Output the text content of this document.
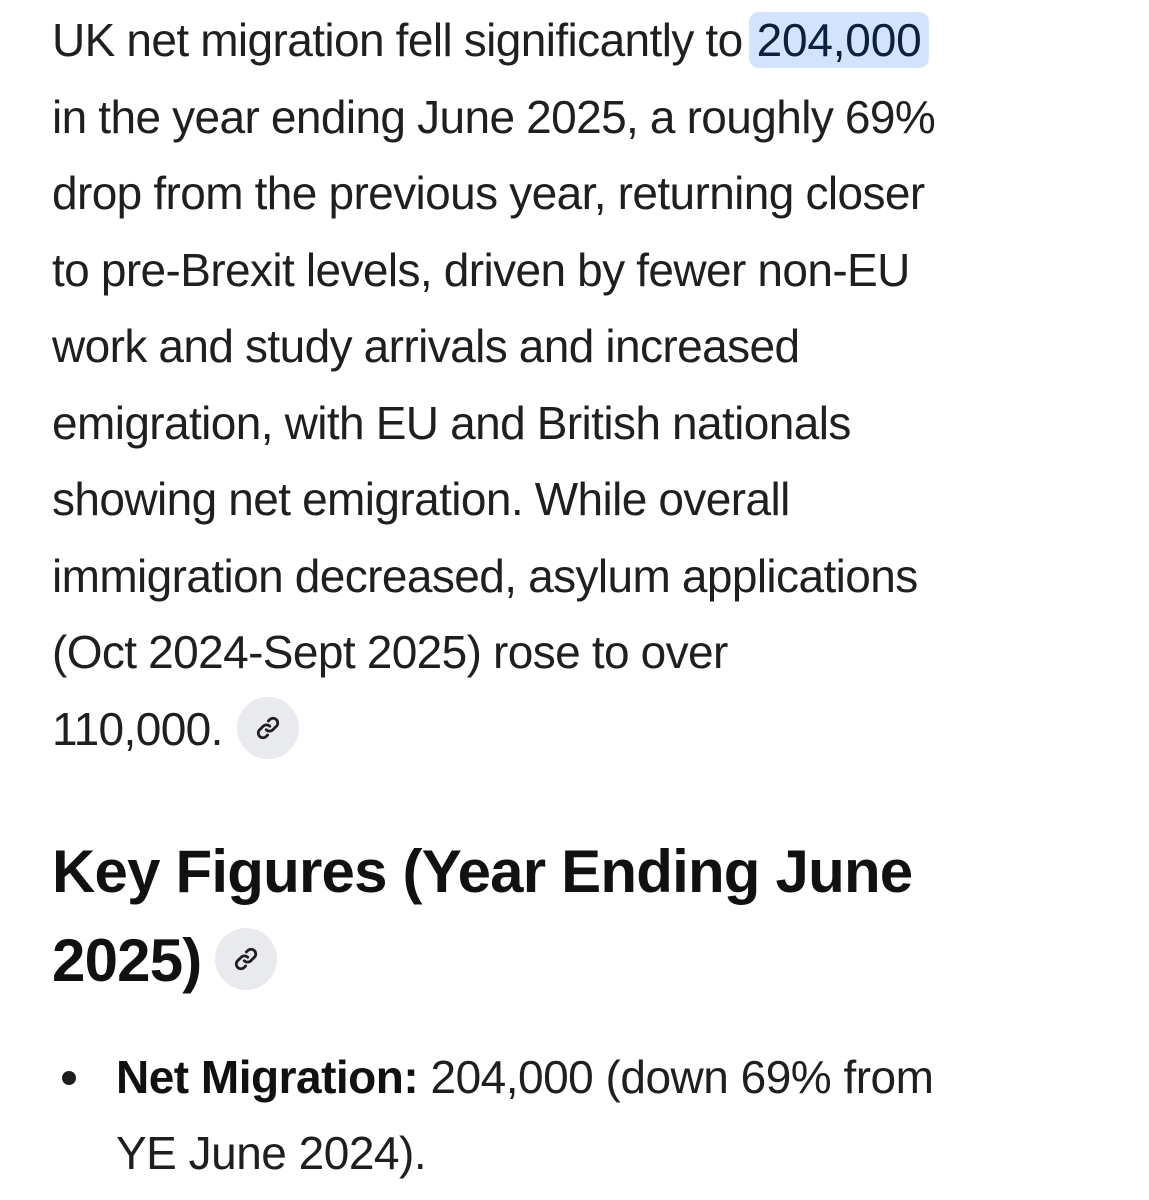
UK net migration fell significantly to 204,000
in the year ending June 2025, a roughly 69%
drop from the previous year, returning closer
to pre-Brexit levels, driven by fewer non-EU
work and study arrivals and increased
emigration, with EU and British nationals
showing net emigration. While overall
immigration decreased, asylum applications
(Oct 2024-Sept 2025) rose to over
110,000.

Key Figures (Year Ending June
2025)
Net Migration: 204,000 (down 69% from
YE June 2024).
